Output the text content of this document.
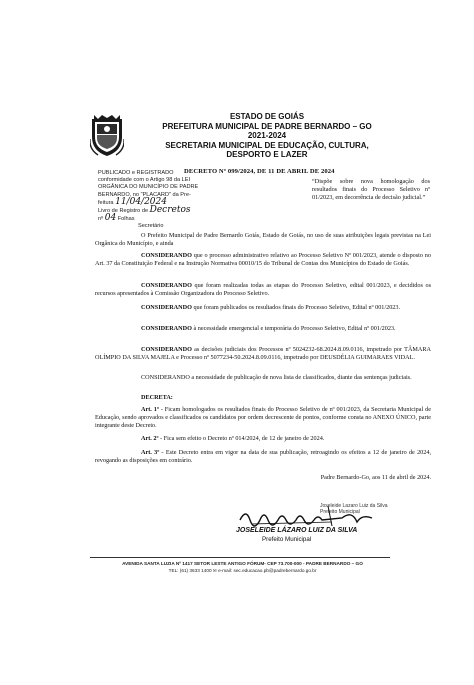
ESTADO DE GOIÁS
PREFEITURA MUNICIPAL DE PADRE BERNARDO – GO
2021-2024
SECRETARIA MUNICIPAL DE EDUCAÇÃO, CULTURA,
DESPORTO E LAZER
PUBLICADO e REGISTRADO
conformidade com o Artigo 98 da LEI
ORGÂNICA DO MUNICÍPIO DE PADRE
BERNARDO, no "PLACARD" da Pre-
feitura 11/04/2024
Livro de Registro de Decretos
nº 04 Folhas
Secretário
DECRETO Nº 099/2024, DE 11 DE ABRIL DE 2024
“Dispõe sobre nova homologação dos resultados finais do Processo Seletivo nº 01/2023, em decorrência de decisão judicial.”
O Prefeito Municipal de Padre Bernardo Goiás, Estado de Goiás, no uso de suas atribuições legais previstas na Lei Orgânica do Município, e ainda
CONSIDERANDO que o processo administrativo relativo ao Processo Seletivo Nº 001/2023, atende o disposto no Art. 37 da Constituição Federal e na Instrução Normativa 00010/15 do Tribunal de Contas dos Municípios do Estado de Goiás.
CONSIDERANDO que foram realizadas todas as etapas do Processo Seletivo, edital 001/2023, e decididos os recursos apresentados à Comissão Organizadora do Processo Seletivo.
CONSIDERANDO que foram publicados os resultados finais do Processo Seletivo, Edital nº 001/2023.
CONSIDERANDO à necessidade emergencial e temporária do Processo Seletivo, Edital nº 001/2023.
CONSIDERANDO as decisões judiciais dos Processos nº 5024232-68.2024.8.09.0116, impetrado por TÂMARA OLÍMPIO DA SILVA MAJELA e Processo nº 5077234-50.2024.8.09.0116, impetrado por DEUSDÉLIA GUIMARAES VIDAL.
CONSIDERANDO a necessidade de publicação de nova lista de classificados, diante das sentenças judiciais.
DECRETA:
Art. 1º - Ficam homologados os resultados finais do Processo Seletivo de nº 001/2023, da Secretaria Municipal de Educação, sendo aprovados e classificados os candidatos por ordem decrescente de pontos, conforme consta no ANEXO ÚNICO, parte integrante deste Decreto.
Art. 2º - Fica sem efeito o Decreto nº 014/2024, de 12 de janeiro de 2024.
Art. 3º - Este Decreto entra em vigor na data de sua publicação, retroagindo os efeitos a 12 de janeiro de 2024, revogando as disposições em contrário.
Padre Bernardo-Go, aos 11 de abril de 2024.
Joseleide Lazaro Luiz da Silva
Prefeito Municipal
JOSELEIDE LÁZARO LUIZ DA SILVA
Prefeito Municipal
AVENIDA SANTA LUZIA Nº 1417 SETOR LESTE ANTIGO FÓRUM- CEP 73.700-000 - PADRE BERNARDO – GO
TEL: (61) 3633 1400 ✉ e-mail: sec.educacao.pb@padrebernardo.go.br
